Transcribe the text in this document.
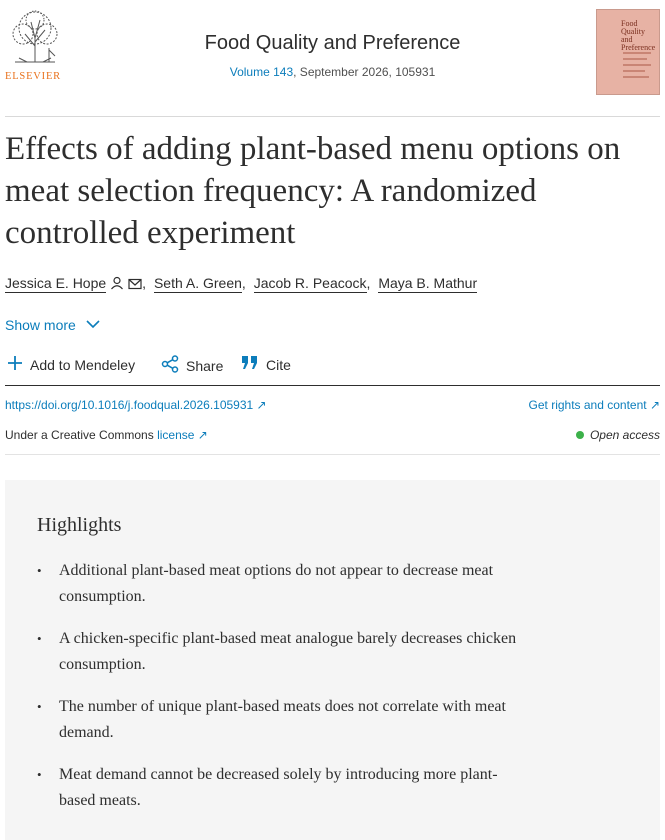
ELSEVIER
Food Quality and Preference
Volume 143, September 2026, 105931
Food Quality and Preference
Effects of adding plant-based menu options on meat selection frequency: A randomized controlled experiment
Jessica E. Hope	, Seth A. Green, Jacob R. Peacock, Maya B. Mathur
Show more
Add to Mendeley	Share	Cite
https://doi.org/10.1016/j.foodqual.2026.105931 ↗	Get rights and content ↗
Under a Creative Commons license ↗	Open access
Highlights
• Additional plant-based meat options do not appear to decrease meat consumption.
• A chicken-specific plant-based meat analogue barely decreases chicken consumption.
• The number of unique plant-based meats does not correlate with meat demand.
• Meat demand cannot be decreased solely by introducing more plant-based meats.
